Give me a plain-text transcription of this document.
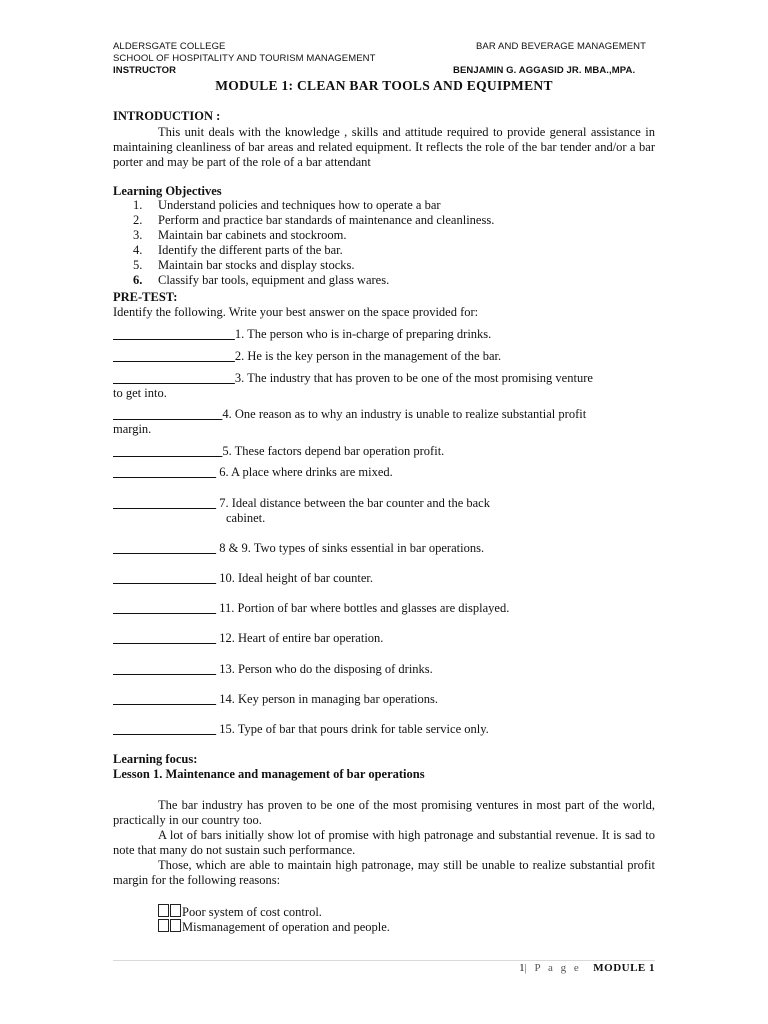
ALDERSGATE COLLEGE
SCHOOL OF HOSPITALITY AND TOURISM MANAGEMENT
INSTRUCTOR
BAR AND BEVERAGE MANAGEMENT
BENJAMIN G. AGGASID JR. MBA.,MPA.
MODULE 1: CLEAN BAR TOOLS AND EQUIPMENT
INTRODUCTION :
This unit deals with the knowledge , skills and attitude required to provide general assistance in maintaining cleanliness of bar areas and related equipment. It reflects the role of the bar tender and/or a bar porter and may be part of the role of a bar attendant
Learning Objectives
1.	Understand policies and techniques how to operate a bar
2.	Perform and practice bar standards of maintenance and cleanliness.
3.	Maintain bar cabinets and stockroom.
4.	Identify the different parts of the bar.
5.	Maintain bar stocks and display stocks.
6.	Classify bar tools, equipment and glass wares.
PRE-TEST:
Identify the following. Write your best answer on the space provided for:
1. The person who is in-charge of preparing drinks.
2. He is the key person in the management of the bar.
3. The industry that has proven to be one of the most promising venture
to get into.
4. One reason as to why an industry is unable to realize substantial profit
margin.
5. These factors depend bar operation profit.
6. A place where drinks are mixed.
7. Ideal distance between the bar counter and the back
cabinet.
8 & 9. Two types of sinks essential in bar operations.
10. Ideal height of bar counter.
11. Portion of bar where bottles and glasses are displayed.
12. Heart of entire bar operation.
13. Person who do the disposing of drinks.
14. Key person in managing bar operations.
15. Type of bar that pours drink for table service only.
Learning focus:
Lesson 1. Maintenance and management of bar operations
The bar industry has proven to be one of the most promising ventures in most part of the world, practically in our country too.
A lot of bars initially show lot of promise with high patronage and substantial revenue. It is sad to note that many do not sustain such performance.
Those, which are able to maintain high patronage, may still be unable to realize substantial profit margin for the following reasons:
Poor system of cost control.
Mismanagement of operation and people.
1| P a g e MODULE 1
